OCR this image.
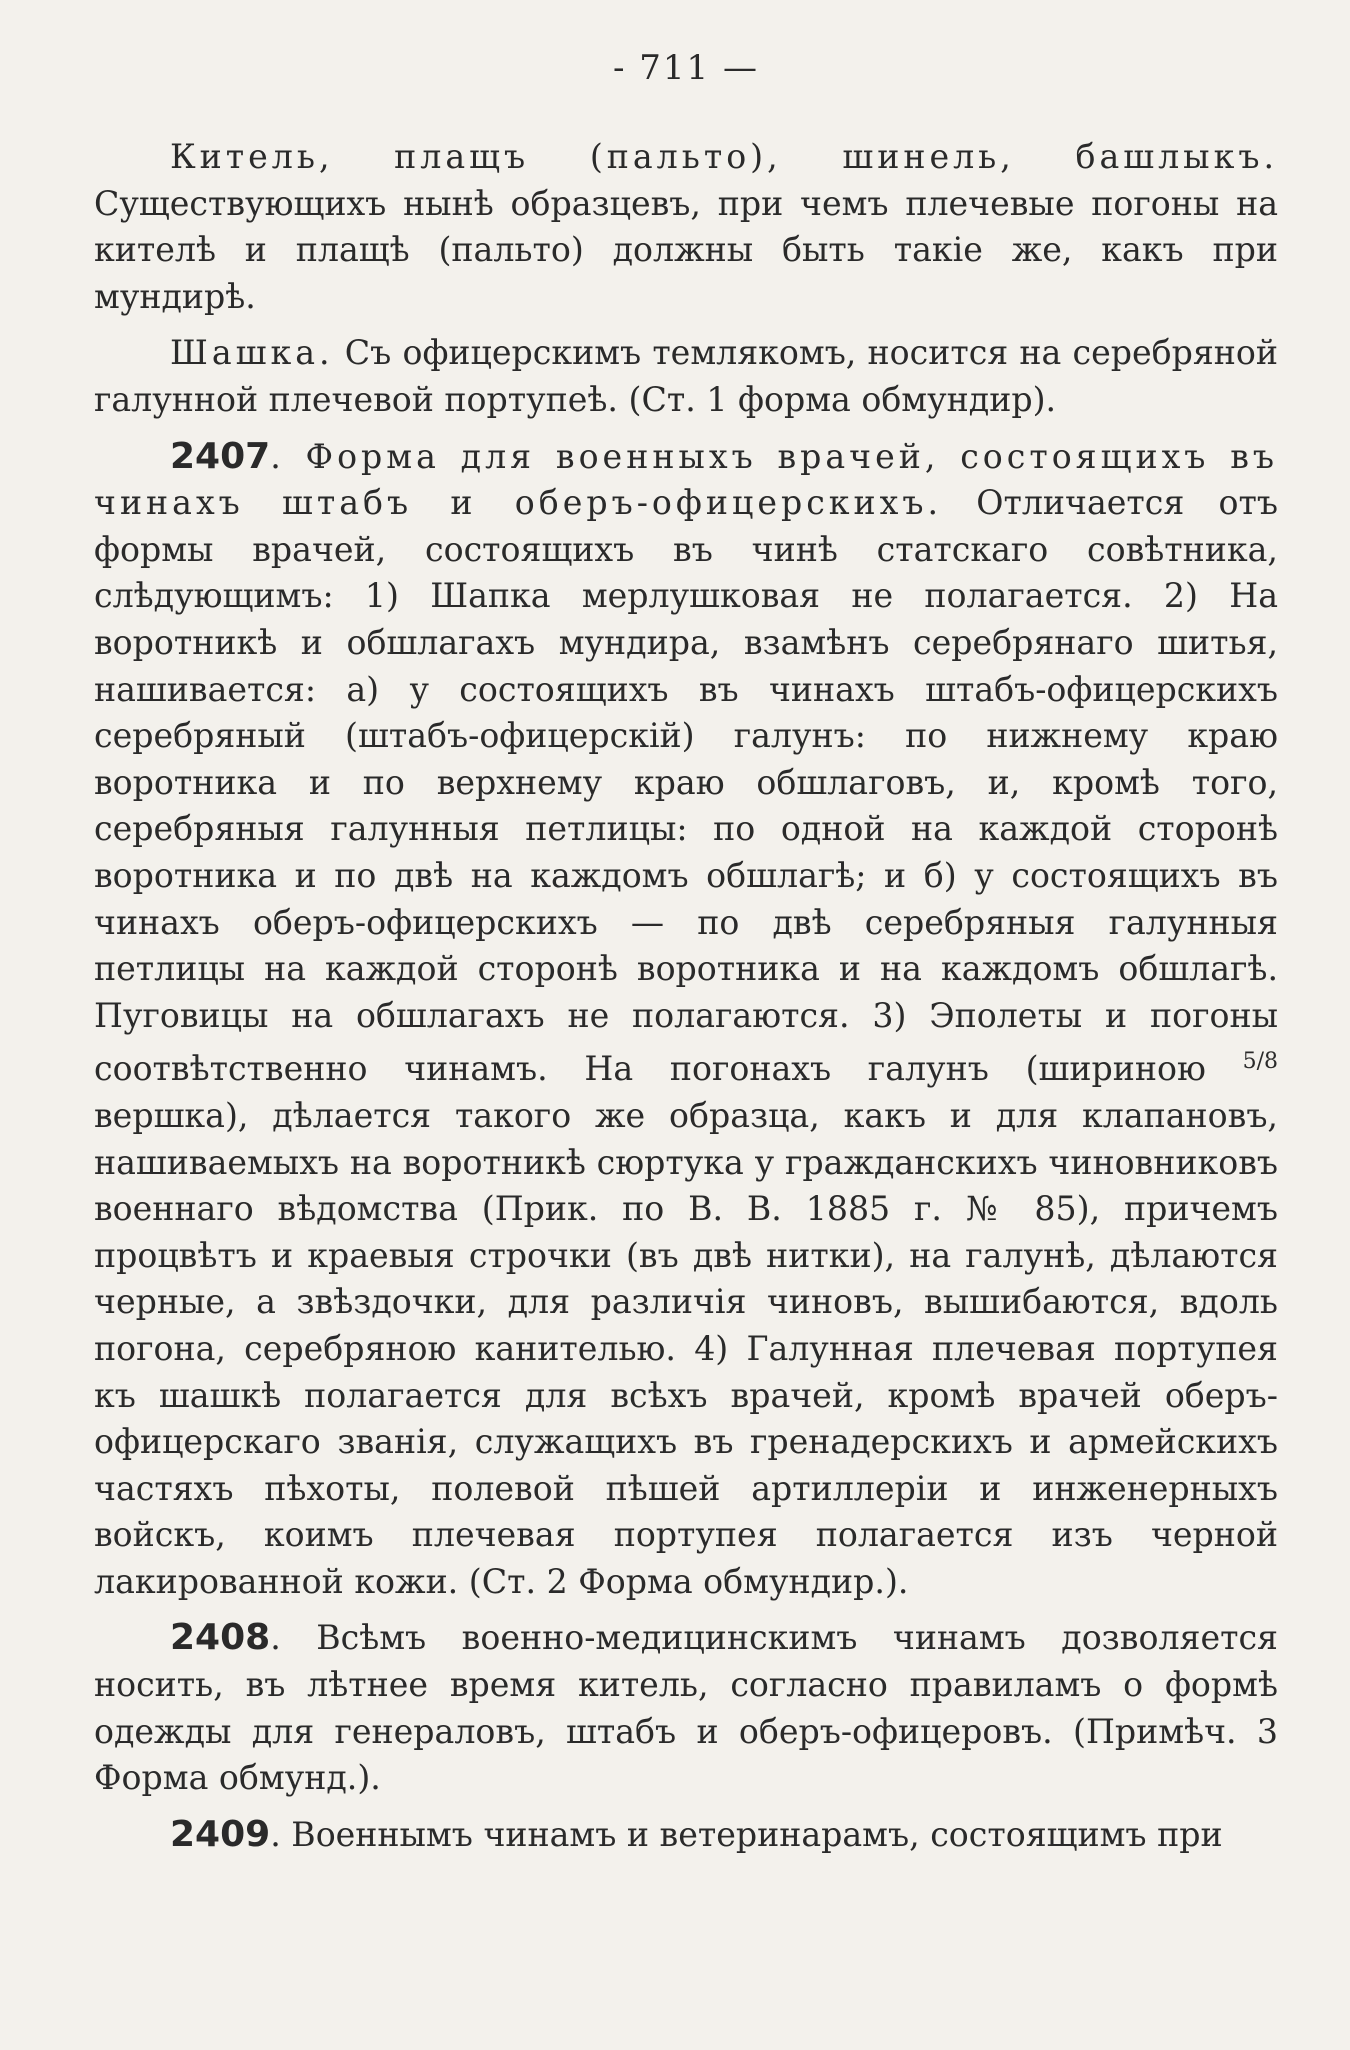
- 711 —

Китель, плащъ (пальто), шинель, башлыкъ. Существующихъ нынѣ образцевъ, при чемъ плечевые погоны на кителѣ и плащѣ (пальто) должны быть такіе же, какъ при мундирѣ.

Шашка. Съ офицерскимъ темлякомъ, носится на серебряной галунной плечевой портупеѣ. (Ст. 1 форма обмундир).

2407. Форма для военныхъ врачей, состоящихъ въ чинахъ штабъ и оберъ-офицерскихъ. Отличается отъ формы врачей, состоящихъ въ чинѣ статскаго совѣтника, слѣдующимъ: 1) Шапка мерлушковая не полагается. 2) На воротникѣ и обшлагахъ мундира, взамѣнъ серебрянаго шитья, нашивается: а) у состоящихъ въ чинахъ штабъ-офицерскихъ серебряный (штабъ-офицерскій) галунъ: по нижнему краю воротника и по верхнему краю обшлаговъ, и, кромѣ того, серебряныя галунныя петлицы: по одной на каждой сторонѣ воротника и по двѣ на каждомъ обшлагѣ; и б) у состоящихъ въ чинахъ оберъ-офицерскихъ — по двѣ серебряныя галунныя петлицы на каждой сторонѣ воротника и на каждомъ обшлагѣ. Пуговицы на обшлагахъ не полагаются. 3) Эполеты и погоны соотвѣтственно чинамъ. На погонахъ галунъ (шириною $^{5/8}$ вершка), дѣлается такого же образца, какъ и для клапановъ, нашиваемыхъ на воротникѣ сюртука у гражданскихъ чиновниковъ военнаго вѣдомства (Прик. по В. В. 1885 г. № 85), причемъ процвѣтъ и краевыя строчки (въ двѣ нитки), на галунѣ, дѣлаются черные, а звѣздочки, для различія чиновъ, вышибаются, вдоль погона, серебряною канителью. 4) Галунная плечевая портупея къ шашкѣ полагается для всѣхъ врачей, кромѣ врачей оберъ-офицерскаго званія, служащихъ въ гренадерскихъ и армейскихъ частяхъ пѣхоты, полевой пѣшей артиллеріи и инженерныхъ войскъ, коимъ плечевая портупея полагается изъ черной лакированной кожи. (Ст. 2 Форма обмундир.).

2408. Всѣмъ военно-медицинскимъ чинамъ дозволяется носить, въ лѣтнее время китель, согласно правиламъ о формѣ одежды для генераловъ, штабъ и оберъ-офицеровъ. (Примѣч. 3 Форма обмунд.).

2409. Военнымъ чинамъ и ветеринарамъ, состоящимъ при
